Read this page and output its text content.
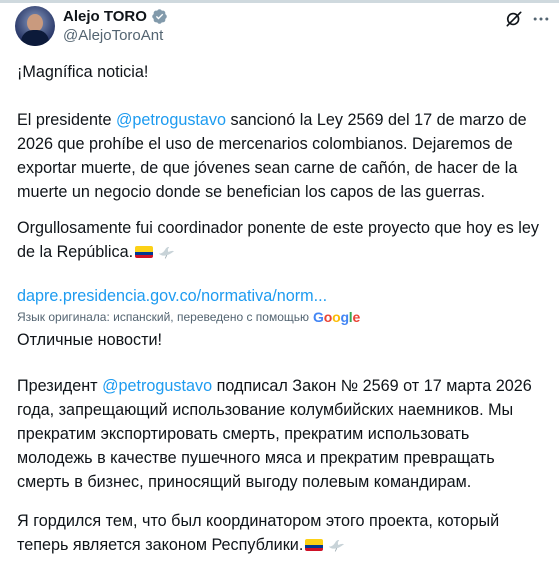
Alejo TORO
@AlejoToroAnt

¡Magnífica noticia!

El presidente @petrogustavo sancionó la Ley 2569 del 17 de marzo de 2026 que prohíbe el uso de mercenarios colombianos. Dejaremos de exportar muerte, de que jóvenes sean carne de cañón, de hacer de la muerte un negocio donde se benefician los capos de las guerras.

Orgullosamente fui coordinador ponente de este proyecto que hoy es ley de la República.

dapre.presidencia.gov.co/normativa/norm...

Язык оригинала: испанский, переведено с помощью Google

Отличные новости!

Президент @petrogustavo подписал Закон № 2569 от 17 марта 2026 года, запрещающий использование колумбийских наемников. Мы прекратим экспортировать смерть, прекратим использовать молодежь в качестве пушечного мяса и прекратим превращать смерть в бизнес, приносящий выгоду полевым командирам.

Я гордился тем, что был координатором этого проекта, который теперь является законом Республики.
